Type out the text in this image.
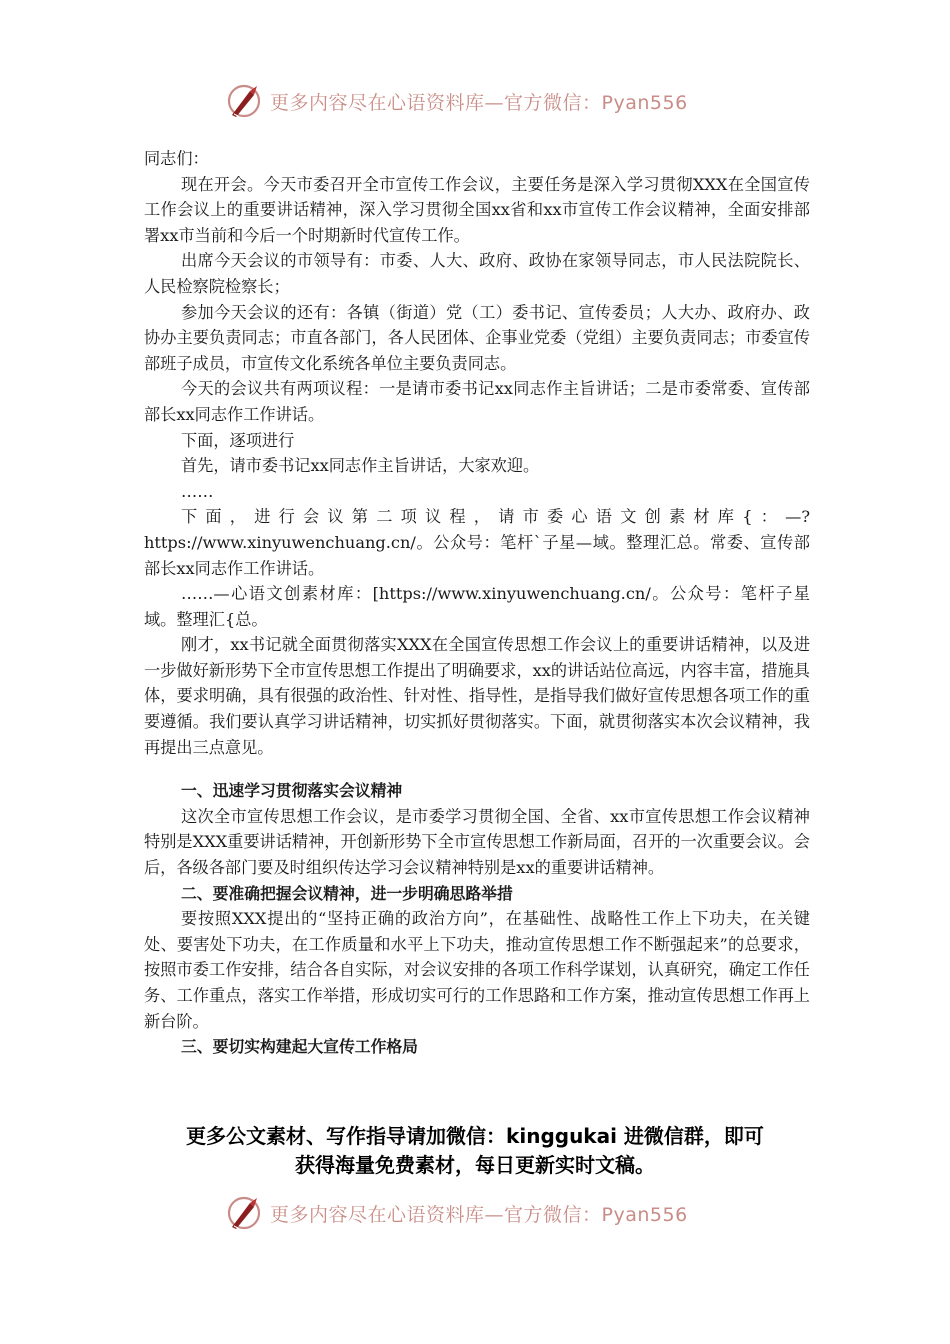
更多内容尽在心语资料库—官方微信：Pyan556

同志们：

现在开会。今天市委召开全市宣传工作会议，主要任务是深入学习贯彻XXX在全国宣传工作会议上的重要讲话精神，深入学习贯彻全国xx省和xx市宣传工作会议精神，全面安排部署xx市当前和今后一个时期新时代宣传工作。

出席今天会议的市领导有：市委、人大、政府、政协在家领导同志，市人民法院院长、人民检察院检察长；

参加今天会议的还有：各镇（街道）党（工）委书记、宣传委员；人大办、政府办、政协办主要负责同志；市直各部门，各人民团体、企事业党委（党组）主要负责同志；市委宣传部班子成员，市宣传文化系统各单位主要负责同志。

今天的会议共有两项议程：一是请市委书记xx同志作主旨讲话；二是市委常委、宣传部部长xx同志作工作讲话。

下面，逐项进行

首先，请市委书记xx同志作主旨讲话，大家欢迎。

……

下面，进行会议第二项议程，请市委心语文创素材库{：—?https://www.xinyuwenchuang.cn/。公众号：笔杆`子星—域。整理汇总。常委、宣传部部长xx同志作工作讲话。

……—心语文创素材库：[https://www.xinyuwenchuang.cn/。公众号：笔杆子星域。整理汇{总。

刚才，xx书记就全面贯彻落实XXX在全国宣传思想工作会议上的重要讲话精神，以及进一步做好新形势下全市宣传思想工作提出了明确要求，xx的讲话站位高远，内容丰富，措施具体，要求明确，具有很强的政治性、针对性、指导性，是指导我们做好宣传思想各项工作的重要遵循。我们要认真学习讲话精神，切实抓好贯彻落实。下面，就贯彻落实本次会议精神，我再提出三点意见。

一、迅速学习贯彻落实会议精神

这次全市宣传思想工作会议，是市委学习贯彻全国、全省、xx市宣传思想工作会议精神特别是XXX重要讲话精神，开创新形势下全市宣传思想工作新局面，召开的一次重要会议。会后，各级各部门要及时组织传达学习会议精神特别是xx的重要讲话精神。

二、要准确把握会议精神，进一步明确思路举措

要按照XXX提出的“坚持正确的政治方向”，在基础性、战略性工作上下功夫，在关键处、要害处下功夫，在工作质量和水平上下功夫，推动宣传思想工作不断强起来”的总要求，按照市委工作安排，结合各自实际，对会议安排的各项工作科学谋划，认真研究，确定工作任务、工作重点，落实工作举措，形成切实可行的工作思路和工作方案，推动宣传思想工作再上新台阶。

三、要切实构建起大宣传工作格局

更多公文素材、写作指导请加微信：kinggukai 进微信群，即可
获得海量免费素材，每日更新实时文稿。
更多内容尽在心语资料库—官方微信：Pyan556
